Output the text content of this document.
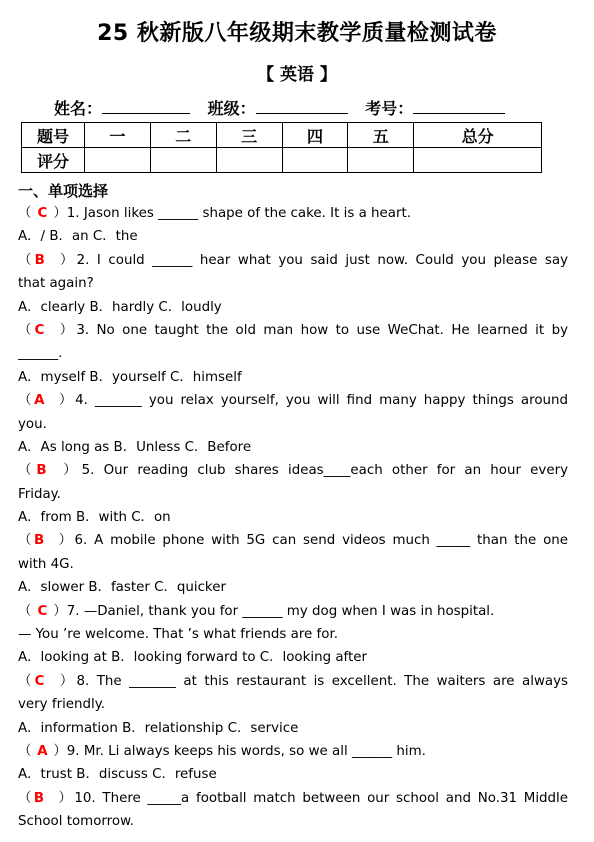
25 秋新版八年级期末教学质量检测试卷
【 英语 】
姓名：	班级：	考号：
题号	一	二	三	四	五	总分
评分						
一、单项选择
（ C ）1. Jason likes ______ shape of the cake. It is a heart.
A．/ B．an C．the
（B ）2. I could ______ hear what you said just now. Could you please say
that again?
A．clearly B．hardly C．loudly
（C ）3. No one taught the old man how to use WeChat. He learned it by
______.
A．myself B．yourself C．himself
（A ）4. _______ you relax yourself, you will find many happy things around
you.
A．As long as B．Unless C．Before
（B ）5. Our reading club shares ideas____each other for an hour every
Friday.
A．from B．with C．on
（B ）6. A mobile phone with 5G can send videos much _____ than the one
with 4G.
A．slower B．faster C．quicker
（ C ）7. —Daniel, thank you for ______ my dog when I was in hospital.
— You ’re welcome. That ’s what friends are for.
A．looking at B．looking forward to C．looking after
（C ）8. The _______ at this restaurant is excellent. The waiters are always
very friendly.
A．information B．relationship C．service
（ A ）9. Mr. Li always keeps his words, so we all ______ him.
A．trust B．discuss C．refuse
（B ）10. There _____a football match between our school and No.31 Middle
School tomorrow.
